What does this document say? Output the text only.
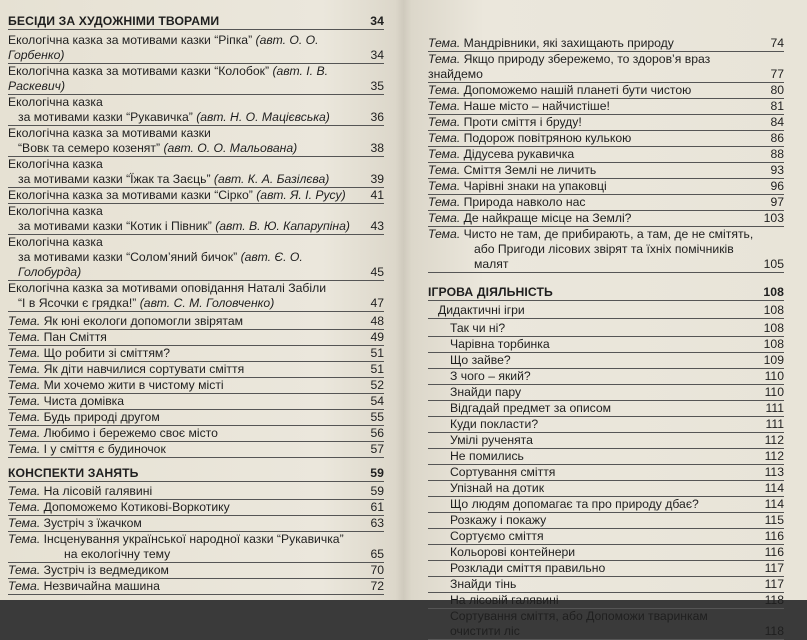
БЕСІДИ ЗА ХУДОЖНІМИ ТВОРАМИ	34
Екологічна казка за мотивами казки “Ріпка” (авт. О. О. Горбенко)	34
Екологічна казка за мотивами казки “Колобок” (авт. І. В. Раскевич)	35
Екологічна казка
за мотивами казки “Рукавичка” (авт. Н. О. Мацієвська)	36
Екологічна казка за мотивами казки
“Вовк та семеро козенят” (авт. О. О. Мальована)	38
Екологічна казка
за мотивами казки “Їжак та Заєць” (авт. К. А. Базілєва)	39
Екологічна казка за мотивами казки “Сірко” (авт. Я. І. Русу)	41
Екологічна казка
за мотивами казки “Котик і Півник” (авт. В. Ю. Капарупіна)	43
Екологічна казка
за мотивами казки “Солом’яний бичок” (авт. Є. О. Голобурда)	45
Екологічна казка за мотивами оповідання Наталі Забіли
“І в Ясочки є грядка!” (авт. С. М. Головченко)	47
Тема. Як юні екологи допомогли звірятам	48
Тема. Пан Сміття	49
Тема. Що робити зі сміттям?	51
Тема. Як діти навчилися сортувати сміття	51
Тема. Ми хочемо жити в чистому місті	52
Тема. Чиста домівка	54
Тема. Будь природі другом	55
Тема. Любимо і бережемо своє місто	56
Тема. І у сміття є будиночок	57
КОНСПЕКТИ ЗАНЯТЬ	59
Тема. На лісовій галявині	59
Тема. Допоможемо Котикові-Воркотику	61
Тема. Зустріч з їжачком	63
Тема. Інсценування української народної казки “Рукавичка”
на екологічну тему	65
Тема. Зустріч із ведмедиком	70
Тема. Незвичайна машина	72
Тема. Мандрівники, які захищають природу	74
Тема. Якщо природу збережемо, то здоров’я враз знайдемо	77
Тема. Допоможемо нашій планеті бути чистою	80
Тема. Наше місто – найчистіше!	81
Тема. Проти сміття і бруду!	84
Тема. Подорож повітряною кулькою	86
Тема. Дідусева рукавичка	88
Тема. Сміття Землі не личить	93
Тема. Чарівні знаки на упаковці	96
Тема. Природа навколо нас	97
Тема. Де найкраще місце на Землі?	103
Тема. Чисто не там, де прибирають, а там, де не смітять,
або Пригоди лісових звірят та їхніх помічників малят	105
ІГРОВА ДІЯЛЬНІСТЬ	108
Дидактичні ігри	108
Так чи ні?	108
Чарівна торбинка	108
Що зайве?	109
З чого – який?	110
Знайди пару	110
Відгадай предмет за описом	111
Куди покласти?	111
Умілі рученята	112
Не помились	112
Сортування сміття	113
Упізнай на дотик	114
Що людям допомагає та про природу дбає?	114
Розкажу і покажу	115
Сортуємо сміття	116
Кольорові контейнери	116
Розклади сміття правильно	117
Знайди тінь	117
На лісовій галявині	118
Сортування сміття, або Допоможи тваринкам очистити ліс	118
